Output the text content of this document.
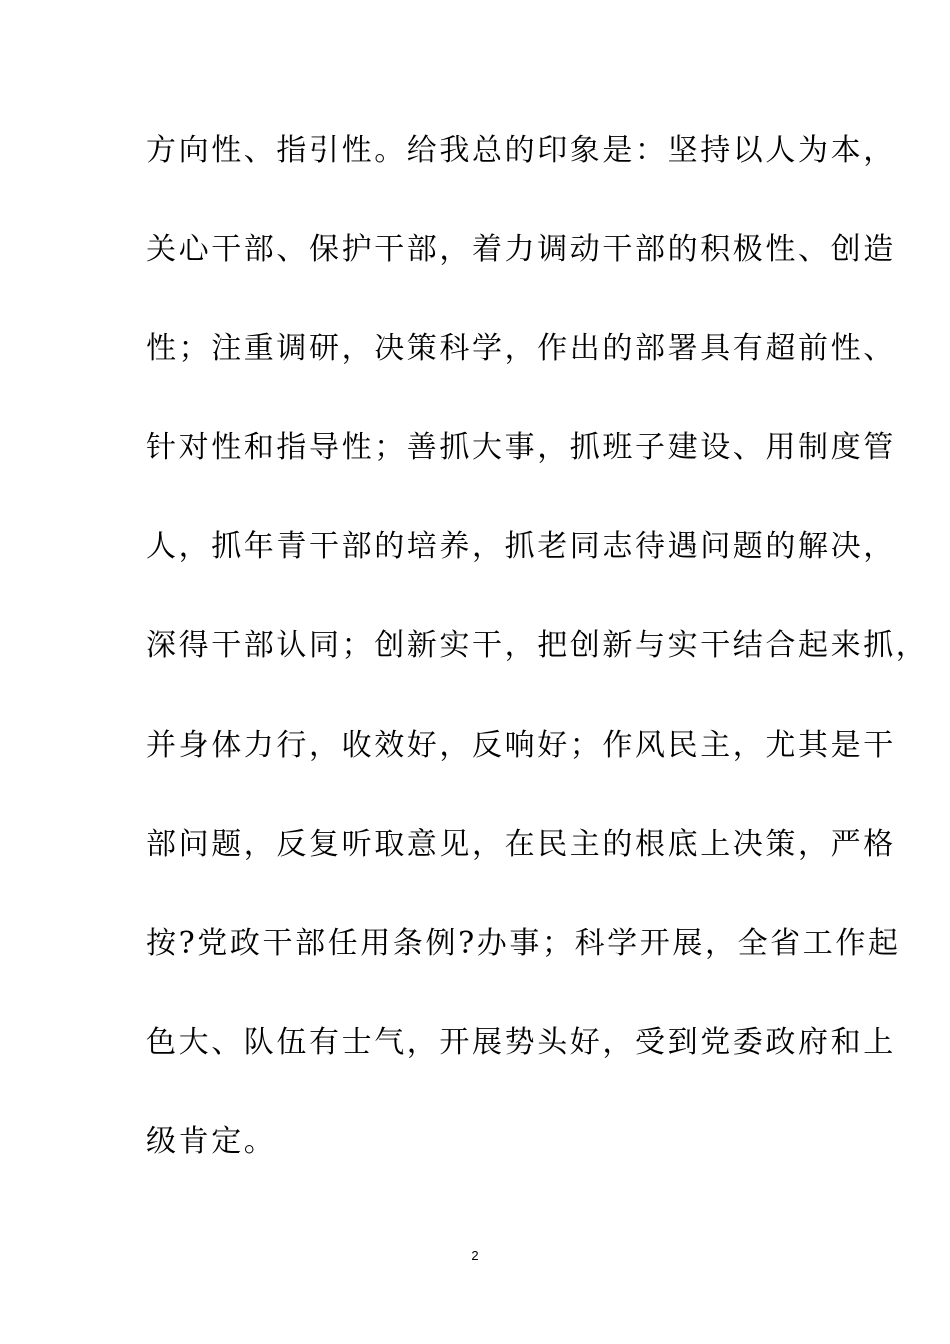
方向性、指引性。给我总的印象是：坚持以人为本，
关心干部、保护干部，着力调动干部的积极性、创造
性；注重调研，决策科学，作出的部署具有超前性、
针对性和指导性；善抓大事，抓班子建设、用制度管
人，抓年青干部的培养，抓老同志待遇问题的解决，
深得干部认同；创新实干，把创新与实干结合起来抓，
并身体力行，收效好，反响好；作风民主，尤其是干
部问题，反复听取意见，在民主的根底上决策，严格
按?党政干部任用条例?办事；科学开展，全省工作起
色大、队伍有士气，开展势头好，受到党委政府和上
级肯定。
2
